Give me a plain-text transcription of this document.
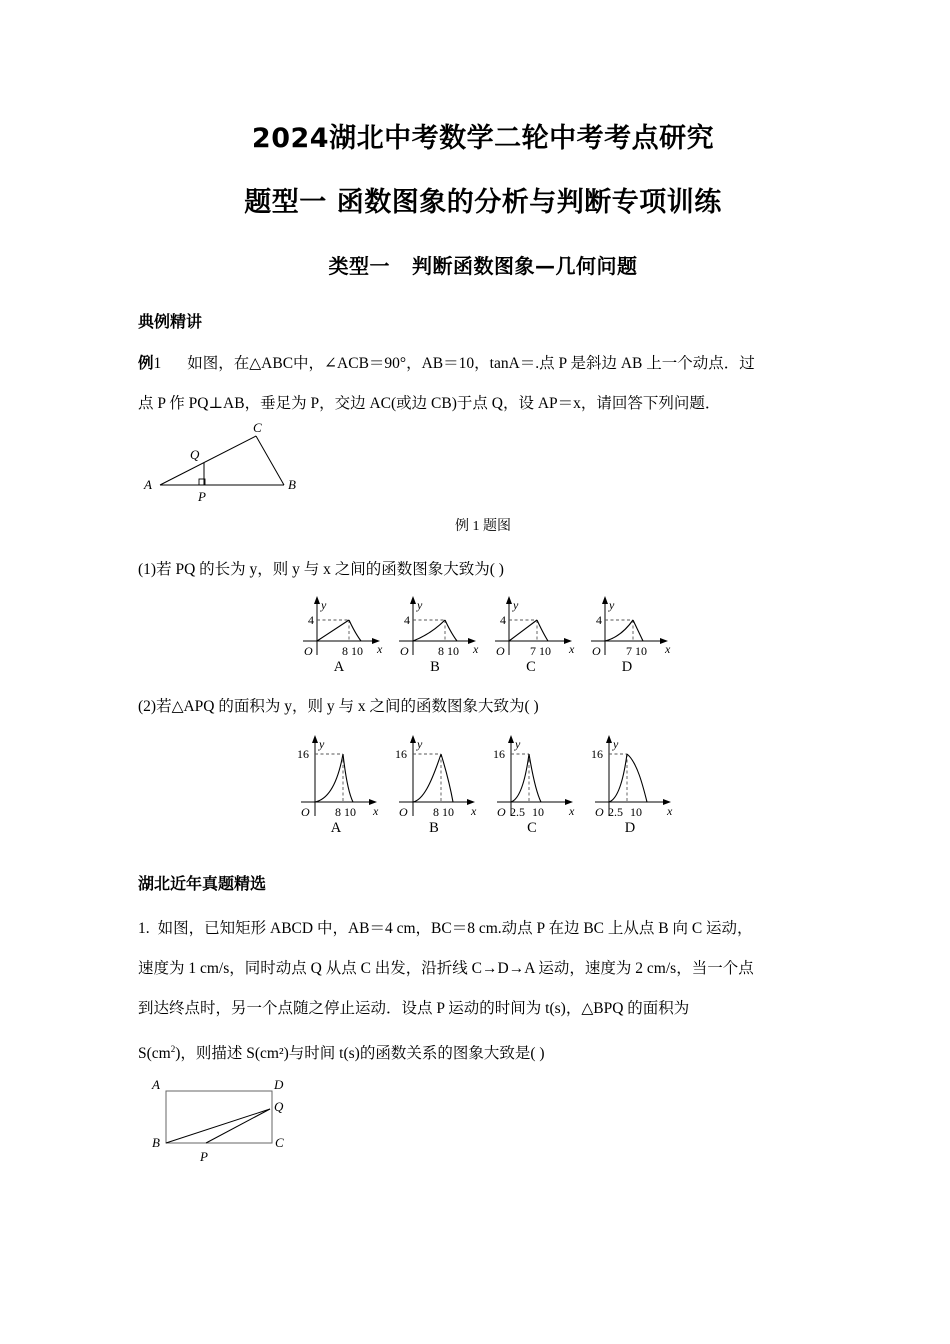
2024湖北中考数学二轮中考考点研究
题型一 函数图象的分析与判断专项训练
类型一 判断函数图象—几何问题
典例精讲
例1 如图，在△ABC中，∠ACB＝90°，AB＝10，tanA＝.点 P 是斜边 AB 上一个动点．过
点 P 作 PQ⊥AB，垂足为 P，交边 AC(或边 CB)于点 Q，设 AP＝x，请回答下列问题．
A	B
C
P
Q
例 1 题图
(1)若 PQ 的长为 y，则 y 与 x 之间的函数图象大致为( )
y
x
O
4
8 10
A
y
x
O
4
8 10
B
y
x
O
4
7 10
C
y
x
O
4
7 10
D
(2)若△APQ 的面积为 y，则 y 与 x 之间的函数图象大致为( )
y
x
O
16
8 10
A
y
x
O
16
8 10
B
y
x
O
16
2.5 10
C
y
x
O
16
2.5 10
D
湖北近年真题精选
1. 如图，已知矩形 ABCD 中，AB＝4 cm，BC＝8 cm.动点 P 在边 BC 上从点 B 向 C 运动，
速度为 1 cm/s，同时动点 Q 从点 C 出发，沿折线 C→D→A 运动，速度为 2 cm/s，当一个点
到达终点时，另一个点随之停止运动．设点 P 运动的时间为 t(s)，△BPQ 的面积为
$S(cm^2)$，则描述 S(cm²)与时间 t(s)的函数关系的图象大致是( )
A	D
B	C
P
Q
